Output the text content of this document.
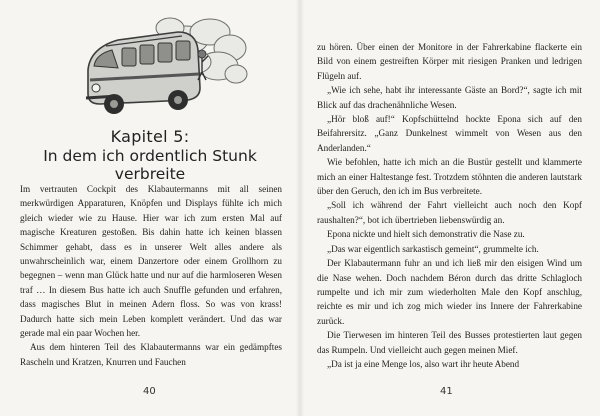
Kapitel 5:
In dem ich ordentlich Stunk verbreite

Im vertrauten Cockpit des Klabautermanns mit all seinen merkwürdigen Apparaturen, Knöpfen und Displays fühlte ich mich gleich wieder wie zu Hause. Hier war ich zum ersten Mal auf magische Kreaturen gestoßen. Bis dahin hatte ich keinen blassen Schimmer gehabt, dass es in unserer Welt alles andere als unwahrscheinlich war, einem Danzertore oder einem Grollhorn zu begegnen – wenn man Glück hatte und nur auf die harmloseren Wesen traf … In diesem Bus hatte ich auch Snuffle gefunden und erfahren, dass magisches Blut in meinen Adern floss. So was von krass! Dadurch hatte sich mein Leben komplett verändert. Und das war gerade mal ein paar Wochen her.

Aus dem hinteren Teil des Klabautermanns war ein gedämpftes Rascheln und Kratzen, Knurren und Fauchen

40

zu hören. Über einen der Monitore in der Fahrerkabine flackerte ein Bild von einem gestreiften Körper mit riesigen Pranken und ledrigen Flügeln auf.

„Wie ich sehe, habt ihr interessante Gäste an Bord?“, sagte ich mit Blick auf das drachenähnliche Wesen.

„Hör bloß auf!“ Kopfschüttelnd hockte Epona sich auf den Beifahrersitz. „Ganz Dunkelnest wimmelt von Wesen aus den Anderlanden.“

Wie befohlen, hatte ich mich an die Bustür gestellt und klammerte mich an einer Haltestange fest. Trotzdem stöhnten die anderen lautstark über den Geruch, den ich im Bus verbreitete.

„Soll ich während der Fahrt vielleicht auch noch den Kopf raushalten?“, bot ich übertrieben liebenswürdig an.

Epona nickte und hielt sich demonstrativ die Nase zu.

„Das war eigentlich sarkastisch gemeint“, grummelte ich.

Der Klabautermann fuhr an und ich ließ mir den eisigen Wind um die Nase wehen. Doch nachdem Béron durch das dritte Schlagloch rumpelte und ich mir zum wiederholten Male den Kopf anschlug, reichte es mir und ich zog mich wieder ins Innere der Fahrerkabine zurück.

Die Tierwesen im hinteren Teil des Busses protestierten laut gegen das Rumpeln. Und vielleicht auch gegen meinen Mief.

„Da ist ja eine Menge los, also wart ihr heute Abend

41
